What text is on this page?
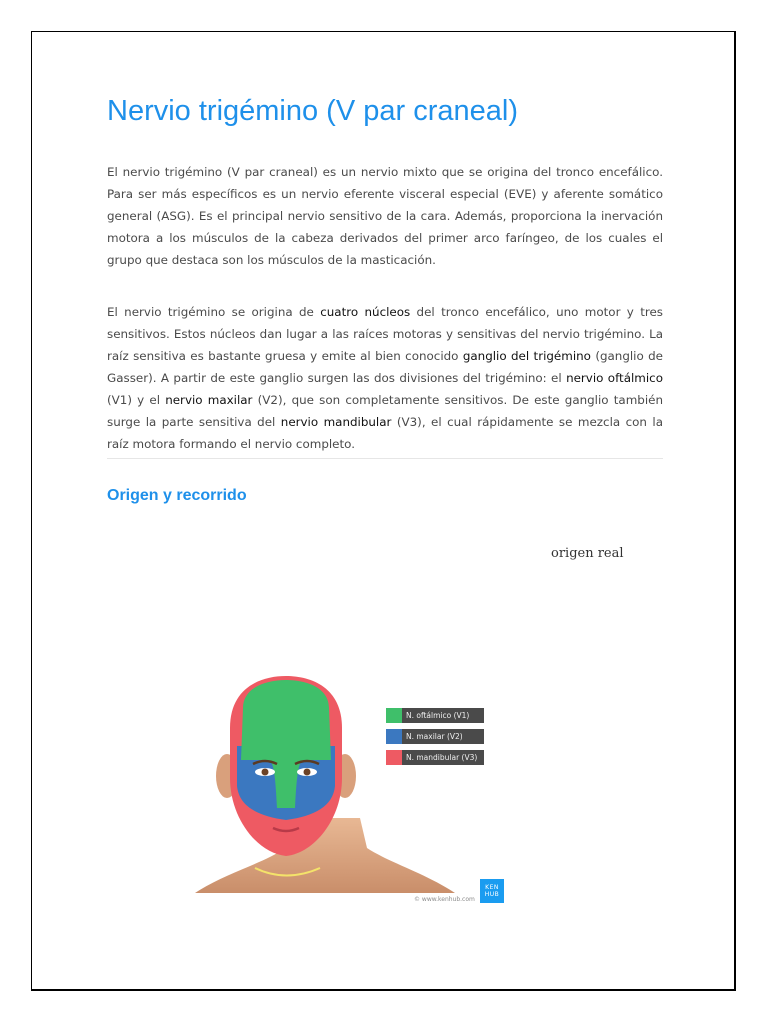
Nervio trigémino (V par craneal)

El nervio trigémino (V par craneal) es un nervio mixto que se origina del tronco encefálico. Para ser más específicos es un nervio eferente visceral especial (EVE) y aferente somático general (ASG). Es el principal nervio sensitivo de la cara. Además, proporciona la inervación motora a los músculos de la cabeza derivados del primer arco faríngeo, de los cuales el grupo que destaca son los músculos de la masticación.

El nervio trigémino se origina de cuatro núcleos del tronco encefálico, uno motor y tres sensitivos. Estos núcleos dan lugar a las raíces motoras y sensitivas del nervio trigémino. La raíz sensitiva es bastante gruesa y emite al bien conocido ganglio del trigémino (ganglio de Gasser). A partir de este ganglio surgen las dos divisiones del trigémino: el nervio oftálmico (V1) y el nervio maxilar (V2), que son completamente sensitivos. De este ganglio también surge la parte sensitiva del nervio mandibular (V3), el cual rápidamente se mezcla con la raíz motora formando el nervio completo.

Origen y recorrido
origen real
N. oftálmico (V1)
N. maxilar (V2)
N. mandibular (V3)
© www.kenhub.com
KEN
HUB
